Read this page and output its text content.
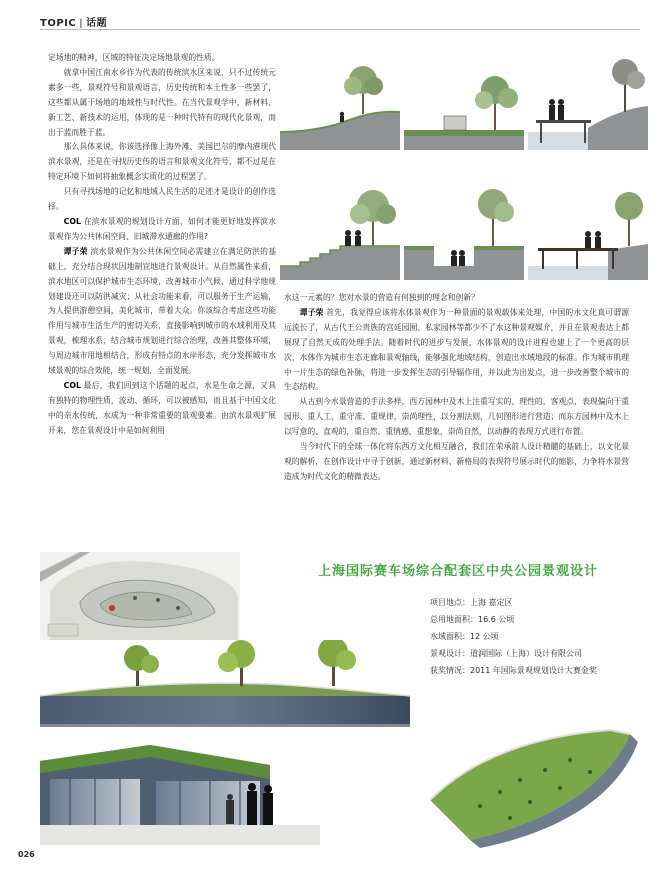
TOPIC | 话题

定场地的精神，区域的特征决定场地景观的性质。

就拿中国江南水乡作为代表的传统滨水区来说，只不过传统元素多一些，景观符号和景观语言，历史传统和本土性多一些罢了，这些都从属于场地的地域性与时代性。在当代景观学中，新材料、新工艺、新技术的运用，体现的是一种时代特有的现代化景观，而出于蓝而胜于蓝。

那么具体来说，你该选择像上海外滩、美国巴尔的摩内港现代滨水景观，还是在寻找历史传的语言和景观文化符号，都不过是在特定环境下如何将抽象概念实质化的过程罢了。

只有寻找场地的记忆和地域人民生活的足迹才是设计的创作选择。

COL 在滨水景观的规划设计方面，如何才能更好地发挥滨水景观作为公共休闲空间、旧城滞水通廊的作用?

谭子荣 滨水景观作为公共休闲空间必需建立在满足防洪的基础上，充分结合现状因地制宜地进行景观设计。从自然属性来看，滨水地区可以保护城市生态环境，改善城市小气候，通过科学地规划建设还可以防洪减灾；从社会功能来看，可以服务于生产运输，为人提供游憩空间，美化城市，带着大众。你该综合考虑这些功能作用与城市生活生产的密切关系，直接影响到城市的水域利用及其景观，梳理水系，结合城市规划进行综合治理，改善其整体环境，与周边城市用地相结合，形成有特点的水岸形态，充分发挥城市水域景观的综合效能，统一规划，全面发展。

COL 最后，我们回到这个话题的起点，水是生命之源，又具有独特的物理性质，流动、循环，可以被感知，而且基于中国文化中的亲水传统，水成为一种非常重要的景观要素。由滨水景观扩展开来，您在景观设计中是如何利用

水这一元素的？您对水景的营造有何独到的理念和创新？

谭子荣 首先，我觉得应该将水体景观作为一种景面的景观载体来处理，中国的水文化真可谓源远流长了，从古代王公贵族的宫廷园囿、私家园林等都少不了水这种景观媒介，并且在景观表达上都展现了自然天成的处理手法。随着时代的进步与发展，水体景观的设计进程也建上了一个更高的层次，水体作为城市生态走廊和景观轴线，能够强化地域结构，创造出水域地段的标准。作为城市肌理中一片生态的绿色补脉，将进一步发挥生态的引导辐作用，并以此为出发点，进一步改善整个城市的生态结构。

从古到今水景营造的手法多样，西方园林中及木上注重写实的、理性的，客观点，表现偏向于重园形、重人工、重守准、重规律，崇尚理性，以分割法则，几何图形进行营造；而东方园林中及木上以写意的、直观的，重自然、重情感，重想象，崇尚自然，以动静的表现方式进行布置。

当今时代下的全球一体化将东西方文化相互融合，我们在荣承前人设计精髓的基础上，以文化景观的解析，在创作设计中寻于创新，通过新材料、新格局的表现符号展示时代的缩影，力争将水景营造成为时代文化的精微表达。

上海国际赛车场综合配套区中央公园景观设计
项目地点：上海 嘉定区
总用地面积：16.6 公顷
水域面积：12 公顷
景观设计：道润国际（上海）设计有限公司
获奖情况：2011 年国际景观规划设计大赛金奖
026
